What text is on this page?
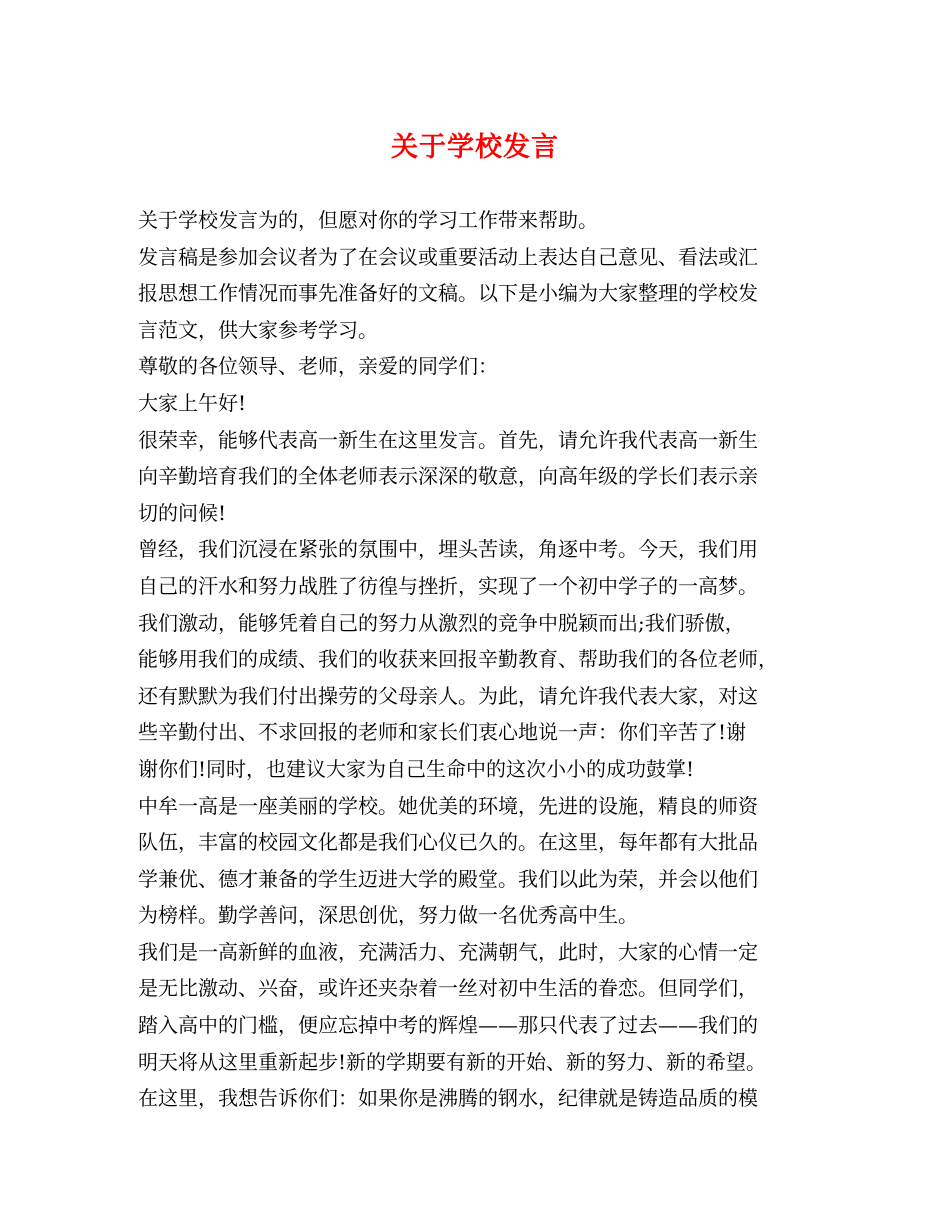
关于学校发言
关于学校发言为的，但愿对你的学习工作带来帮助。
发言稿是参加会议者为了在会议或重要活动上表达自己意见、看法或汇
报思想工作情况而事先准备好的文稿。以下是小编为大家整理的学校发
言范文，供大家参考学习。
尊敬的各位领导、老师，亲爱的同学们：
大家上午好!
很荣幸，能够代表高一新生在这里发言。首先，请允许我代表高一新生
向辛勤培育我们的全体老师表示深深的敬意，向高年级的学长们表示亲
切的问候!
曾经，我们沉浸在紧张的氛围中，埋头苦读，角逐中考。今天，我们用
自己的汗水和努力战胜了彷徨与挫折，实现了一个初中学子的一高梦。
我们激动，能够凭着自己的努力从激烈的竞争中脱颖而出;我们骄傲，
能够用我们的成绩、我们的收获来回报辛勤教育、帮助我们的各位老师，
还有默默为我们付出操劳的父母亲人。为此，请允许我代表大家，对这
些辛勤付出、不求回报的老师和家长们衷心地说一声：你们辛苦了!谢
谢你们!同时，也建议大家为自己生命中的这次小小的成功鼓掌!
中牟一高是一座美丽的学校。她优美的环境，先进的设施，精良的师资
队伍，丰富的校园文化都是我们心仪已久的。在这里，每年都有大批品
学兼优、德才兼备的学生迈进大学的殿堂。我们以此为荣，并会以他们
为榜样。勤学善问，深思创优，努力做一名优秀高中生。
我们是一高新鲜的血液，充满活力、充满朝气，此时，大家的心情一定
是无比激动、兴奋，或许还夹杂着一丝对初中生活的眷恋。但同学们，
踏入高中的门槛，便应忘掉中考的辉煌——那只代表了过去——我们的
明天将从这里重新起步!新的学期要有新的开始、新的努力、新的希望。
在这里，我想告诉你们：如果你是沸腾的钢水，纪律就是铸造品质的模
